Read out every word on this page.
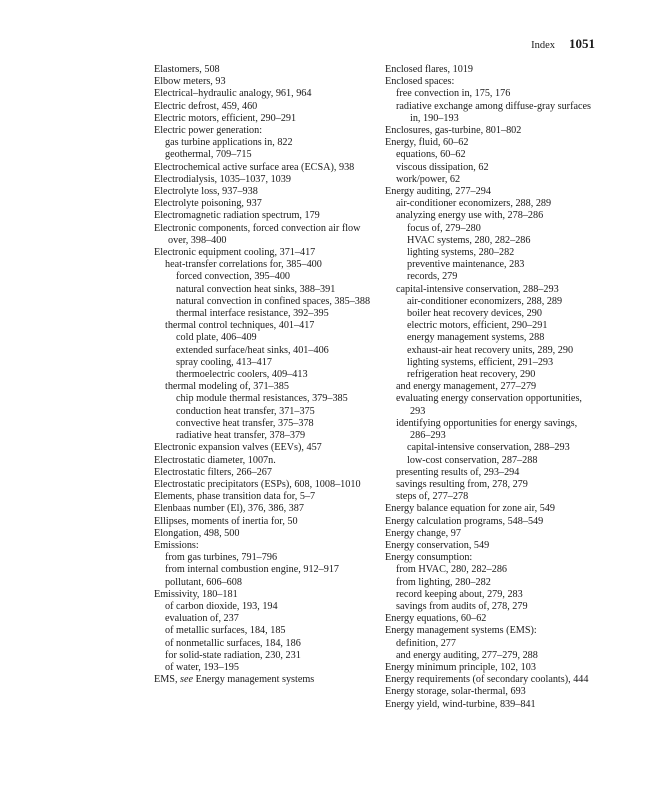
Index 1051
Elastomers, 508
Elbow meters, 93
Electrical–hydraulic analogy, 961, 964
Electric defrost, 459, 460
Electric motors, efficient, 290–291
Electric power generation:
gas turbine applications in, 822
geothermal, 709–715
Electrochemical active surface area (ECSA), 938
Electrodialysis, 1035–1037, 1039
Electrolyte loss, 937–938
Electrolyte poisoning, 937
Electromagnetic radiation spectrum, 179
Electronic components, forced convection air flow over, 398–400
Electronic equipment cooling, 371–417
heat-transfer correlations for, 385–400
forced convection, 395–400
natural convection heat sinks, 388–391
natural convection in confined spaces, 385–388
thermal interface resistance, 392–395
thermal control techniques, 401–417
cold plate, 406–409
extended surface/heat sinks, 401–406
spray cooling, 413–417
thermoelectric coolers, 409–413
thermal modeling of, 371–385
chip module thermal resistances, 379–385
conduction heat transfer, 371–375
convective heat transfer, 375–378
radiative heat transfer, 378–379
Electronic expansion valves (EEVs), 457
Electrostatic diameter, 1007n.
Electrostatic filters, 266–267
Electrostatic precipitators (ESPs), 608, 1008–1010
Elements, phase transition data for, 5–7
Elenbaas number (El), 376, 386, 387
Ellipses, moments of inertia for, 50
Elongation, 498, 500
Emissions:
from gas turbines, 791–796
from internal combustion engine, 912–917
pollutant, 606–608
Emissivity, 180–181
of carbon dioxide, 193, 194
evaluation of, 237
of metallic surfaces, 184, 185
of nonmetallic surfaces, 184, 186
for solid-state radiation, 230, 231
of water, 193–195
EMS, see Energy management systems
Enclosed flares, 1019
Enclosed spaces:
free convection in, 175, 176
radiative exchange among diffuse-gray surfaces in, 190–193
Enclosures, gas-turbine, 801–802
Energy, fluid, 60–62
equations, 60–62
viscous dissipation, 62
work/power, 62
Energy auditing, 277–294
air-conditioner economizers, 288, 289
analyzing energy use with, 278–286
focus of, 279–280
HVAC systems, 280, 282–286
lighting systems, 280–282
preventive maintenance, 283
records, 279
capital-intensive conservation, 288–293
air-conditioner economizers, 288, 289
boiler heat recovery devices, 290
electric motors, efficient, 290–291
energy management systems, 288
exhaust-air heat recovery units, 289, 290
lighting systems, efficient, 291–293
refrigeration heat recovery, 290
and energy management, 277–279
evaluating energy conservation opportunities, 293
identifying opportunities for energy savings, 286–293
capital-intensive conservation, 288–293
low-cost conservation, 287–288
presenting results of, 293–294
savings resulting from, 278, 279
steps of, 277–278
Energy balance equation for zone air, 549
Energy calculation programs, 548–549
Energy change, 97
Energy conservation, 549
Energy consumption:
from HVAC, 280, 282–286
from lighting, 280–282
record keeping about, 279, 283
savings from audits of, 278, 279
Energy equations, 60–62
Energy management systems (EMS):
definition, 277
and energy auditing, 277–279, 288
Energy minimum principle, 102, 103
Energy requirements (of secondary coolants), 444
Energy storage, solar-thermal, 693
Energy yield, wind-turbine, 839–841
